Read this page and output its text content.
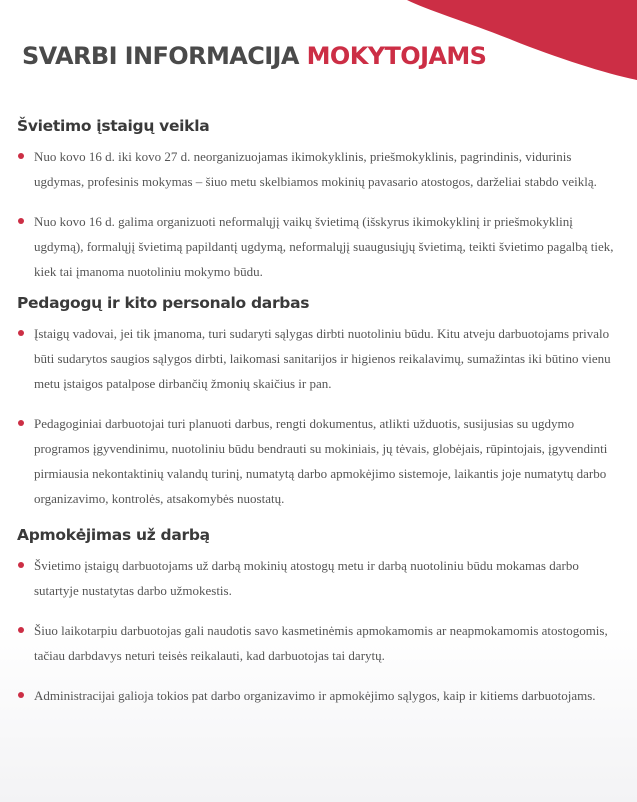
SVARBI INFORMACIJA MOKYTOJAMS
Švietimo įstaigų veikla
Nuo kovo 16 d. iki kovo 27 d. neorganizuojamas ikimokyklinis, priešmokyklinis, pagrindinis, vidurinis ugdymas, profesinis mokymas – šiuo metu skelbiamos mokinių pavasario atostogos, darželiai stabdo veiklą.
Nuo kovo 16 d. galima organizuoti neformalųjį vaikų švietimą (išskyrus ikimokyklinį ir priešmokyklinį ugdymą), formalųjį švietimą papildantį ugdymą, neformalųjį suaugusiųjų švietimą, teikti švietimo pagalbą tiek, kiek tai įmanoma nuotoliniu mokymo būdu.
Pedagogų ir kito personalo darbas
Įstaigų vadovai, jei tik įmanoma, turi sudaryti sąlygas dirbti nuotoliniu būdu. Kitu atveju darbuotojams privalo būti sudarytos saugios sąlygos dirbti, laikomasi sanitarijos ir higienos reikalavimų, sumažintas iki būtino vienu metu įstaigos patalpose dirbančių žmonių skaičius ir pan.
Pedagoginiai darbuotojai turi planuoti darbus, rengti dokumentus, atlikti užduotis, susijusias su ugdymo programos įgyvendinimu, nuotoliniu būdu bendrauti su mokiniais, jų tėvais, globėjais, rūpintojais, įgyvendinti pirmiausia nekontaktinių valandų turinį, numatytą darbo apmokėjimo sistemoje, laikantis joje numatytų darbo organizavimo, kontrolės, atsakomybės nuostatų.
Apmokėjimas už darbą
Švietimo įstaigų darbuotojams už darbą mokinių atostogų metu ir darbą nuotoliniu būdu mokamas darbo sutartyje nustatytas darbo užmokestis.
Šiuo laikotarpiu darbuotojas gali naudotis savo kasmetinėmis apmokamomis ar neapmokamomis atostogomis, tačiau darbdavys neturi teisės reikalauti, kad darbuotojas tai darytų.
Administracijai galioja tokios pat darbo organizavimo ir apmokėjimo sąlygos, kaip ir kitiems darbuotojams.
